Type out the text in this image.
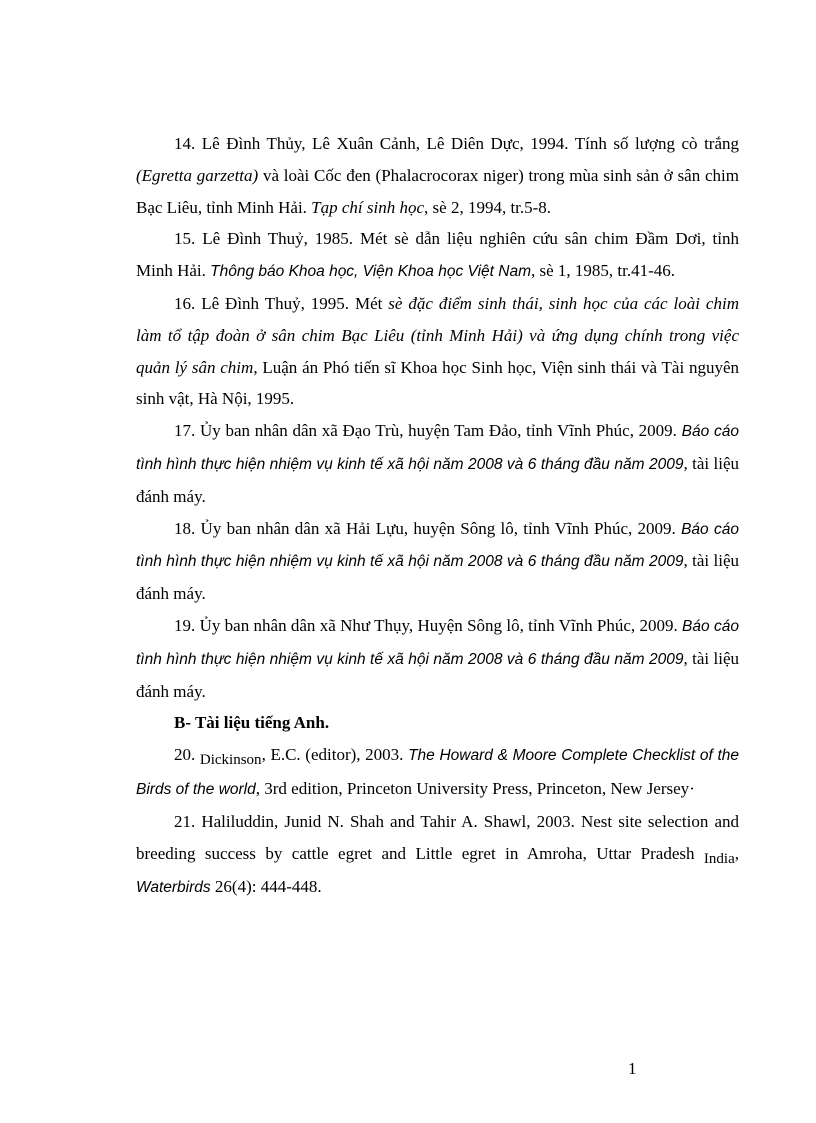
14. Lê Đình Thủy, Lê Xuân Cảnh, Lê Diên Dực, 1994. Tính số lượng cò trắng (Egretta garzetta) và loài Cốc đen (Phalacrocorax niger) trong mùa sinh sản ở sân chim Bạc Liêu, tỉnh Minh Hải. Tạp chí sinh học, sè 2, 1994, tr.5-8.

15. Lê Đình Thuỷ, 1985. Mét sè dẫn liệu nghiên cứu sân chim Đầm Dơi, tỉnh Minh Hải. Thông báo Khoa học, Viện Khoa học Việt Nam, sè 1, 1985, tr.41-46.

16. Lê Đình Thuỷ, 1995. Mét sè đặc điểm sinh thái, sinh học của các loài chim làm tổ tập đoàn ở sân chim Bạc Liêu (tỉnh Minh Hải) và ứng dụng chính trong việc quản lý sân chim, Luận án Phó tiến sĩ Khoa học Sinh học, Viện sinh thái và Tài nguyên sinh vật, Hà Nội, 1995.

17. Ủy ban nhân dân xã Đạo Trù, huyện Tam Đảo, tỉnh Vĩnh Phúc, 2009. Báo cáo tình hình thực hiện nhiệm vụ kinh tế xã hội năm 2008 và 6 tháng đầu năm 2009, tài liệu đánh máy.

18. Ủy ban nhân dân xã Hải Lựu, huyện Sông lô, tỉnh Vĩnh Phúc, 2009. Báo cáo tình hình thực hiện nhiệm vụ kinh tế xã hội năm 2008 và 6 tháng đầu năm 2009, tài liệu đánh máy.

19. Ủy ban nhân dân xã Như Thụy, Huyện Sông lô, tỉnh Vĩnh Phúc, 2009. Báo cáo tình hình thực hiện nhiệm vụ kinh tế xã hội năm 2008 và 6 tháng đầu năm 2009, tài liệu đánh máy.

B- Tài liệu tiếng Anh.

20. Dickinson, E.C. (editor), 2003. The Howard & Moore Complete Checklist of the Birds of the world, 3rd edition, Princeton University Press, Princeton, New Jersey·

21. Haliluddin, Junid N. Shah and Tahir A. Shawl, 2003. Nest site selection and breeding success by cattle egret and Little egret in Amroha, Uttar Pradesh India, Waterbirds 26(4): 444-448.

1
